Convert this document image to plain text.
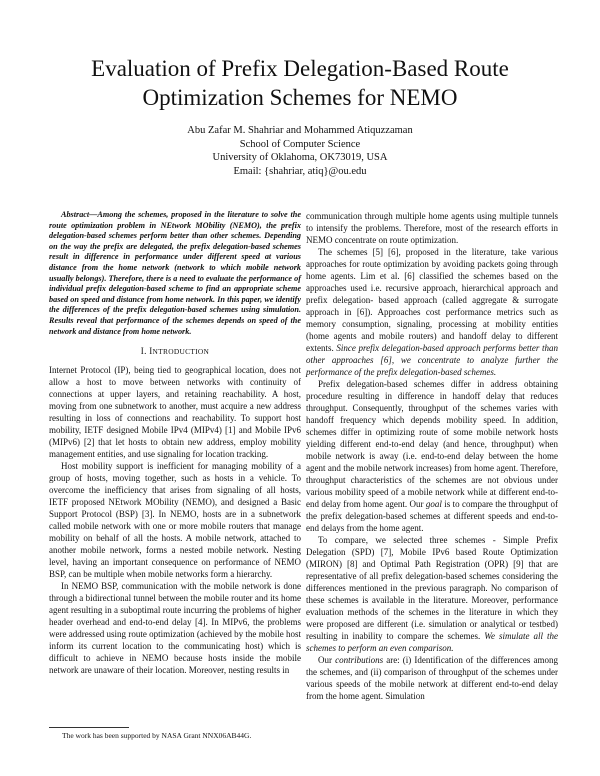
Evaluation of Prefix Delegation-Based Route
Optimization Schemes for NEMO
Abu Zafar M. Shahriar and Mohammed Atiquzzaman
School of Computer Science
University of Oklahoma, OK73019, USA
Email: {shahriar, atiq}@ou.edu

Abstract—Among the schemes, proposed in the literature to solve the route optimization problem in NEtwork MObility (NEMO), the prefix delegation-based schemes perform better than other schemes. Depending on the way the prefix are delegated, the prefix delegation-based schemes result in difference in performance under different speed at various distance from the home network (network to which mobile network usually belongs). Therefore, there is a need to evaluate the performance of individual prefix delegation-based scheme to find an appropriate scheme based on speed and distance from home network. In this paper, we identify the differences of the prefix delegation-based schemes using simulation. Results reveal that performance of the schemes depends on speed of the network and distance from home network.

I. INTRODUCTION

Internet Protocol (IP), being tied to geographical location, does not allow a host to move between networks with continuity of connections at upper layers, and retaining reachability. A host, moving from one subnetwork to another, must acquire a new address resulting in loss of connections and reachability. To support host mobility, IETF designed Mobile IPv4 (MIPv4) [1] and Mobile IPv6 (MIPv6) [2] that let hosts to obtain new address, employ mobility management entities, and use signaling for location tracking.

Host mobility support is inefficient for managing mobility of a group of hosts, moving together, such as hosts in a vehicle. To overcome the inefficiency that arises from signaling of all hosts, IETF proposed NEtwork MObility (NEMO), and designed a Basic Support Protocol (BSP) [3]. In NEMO, hosts are in a subnetwork called mobile network with one or more mobile routers that manage mobility on behalf of all the hosts. A mobile network, attached to another mobile network, forms a nested mobile network. Nesting level, having an important consequence on performance of NEMO BSP, can be multiple when mobile networks form a hierarchy.

In NEMO BSP, communication with the mobile network is done through a bidirectional tunnel between the mobile router and its home agent resulting in a suboptimal route incurring the problems of higher header overhead and end-to-end delay [4]. In MIPv6, the problems were addressed using route optimization (achieved by the mobile host inform its current location to the communicating host) which is difficult to achieve in NEMO because hosts inside the mobile network are unaware of their location. Moreover, nesting results in

communication through multiple home agents using multiple tunnels to intensify the problems. Therefore, most of the research efforts in NEMO concentrate on route optimization.

The schemes [5] [6], proposed in the literature, take various approaches for route optimization by avoiding packets going through home agents. Lim et al. [6] classified the schemes based on the approaches used i.e. recursive approach, hierarchical approach and prefix delegation- based approach (called aggregate & surrogate approach in [6]). Approaches cost performance metrics such as memory consumption, signaling, processing at mobility entities (home agents and mobile routers) and handoff delay to different extents. Since prefix delegation-based approach performs better than other approaches [6], we concentrate to analyze further the performance of the prefix delegation-based schemes.

Prefix delegation-based schemes differ in address obtaining procedure resulting in difference in handoff delay that reduces throughput. Consequently, throughput of the schemes varies with handoff frequency which depends mobility speed. In addition, schemes differ in optimizing route of some mobile network hosts yielding different end-to-end delay (and hence, throughput) when mobile network is away (i.e. end-to-end delay between the home agent and the mobile network increases) from home agent. Therefore, throughput characteristics of the schemes are not obvious under various mobility speed of a mobile network while at different end-to-end delay from home agent. Our goal is to compare the throughput of the prefix delegation-based schemes at different speeds and end-to-end delays from the home agent.

To compare, we selected three schemes - Simple Prefix Delegation (SPD) [7], Mobile IPv6 based Route Optimization (MIRON) [8] and Optimal Path Registration (OPR) [9] that are representative of all prefix delegation-based schemes considering the differences mentioned in the previous paragraph. No comparison of these schemes is available in the literature. Moreover, performance evaluation methods of the schemes in the literature in which they were proposed are different (i.e. simulation or analytical or testbed) resulting in inability to compare the schemes. We simulate all the schemes to perform an even comparison.

Our contributions are: (i) Identification of the differences among the schemes, and (ii) comparison of throughput of the schemes under various speeds of the mobile network at different end-to-end delay from the home agent. Simulation

The work has been supported by NASA Grant NNX06AB44G.
